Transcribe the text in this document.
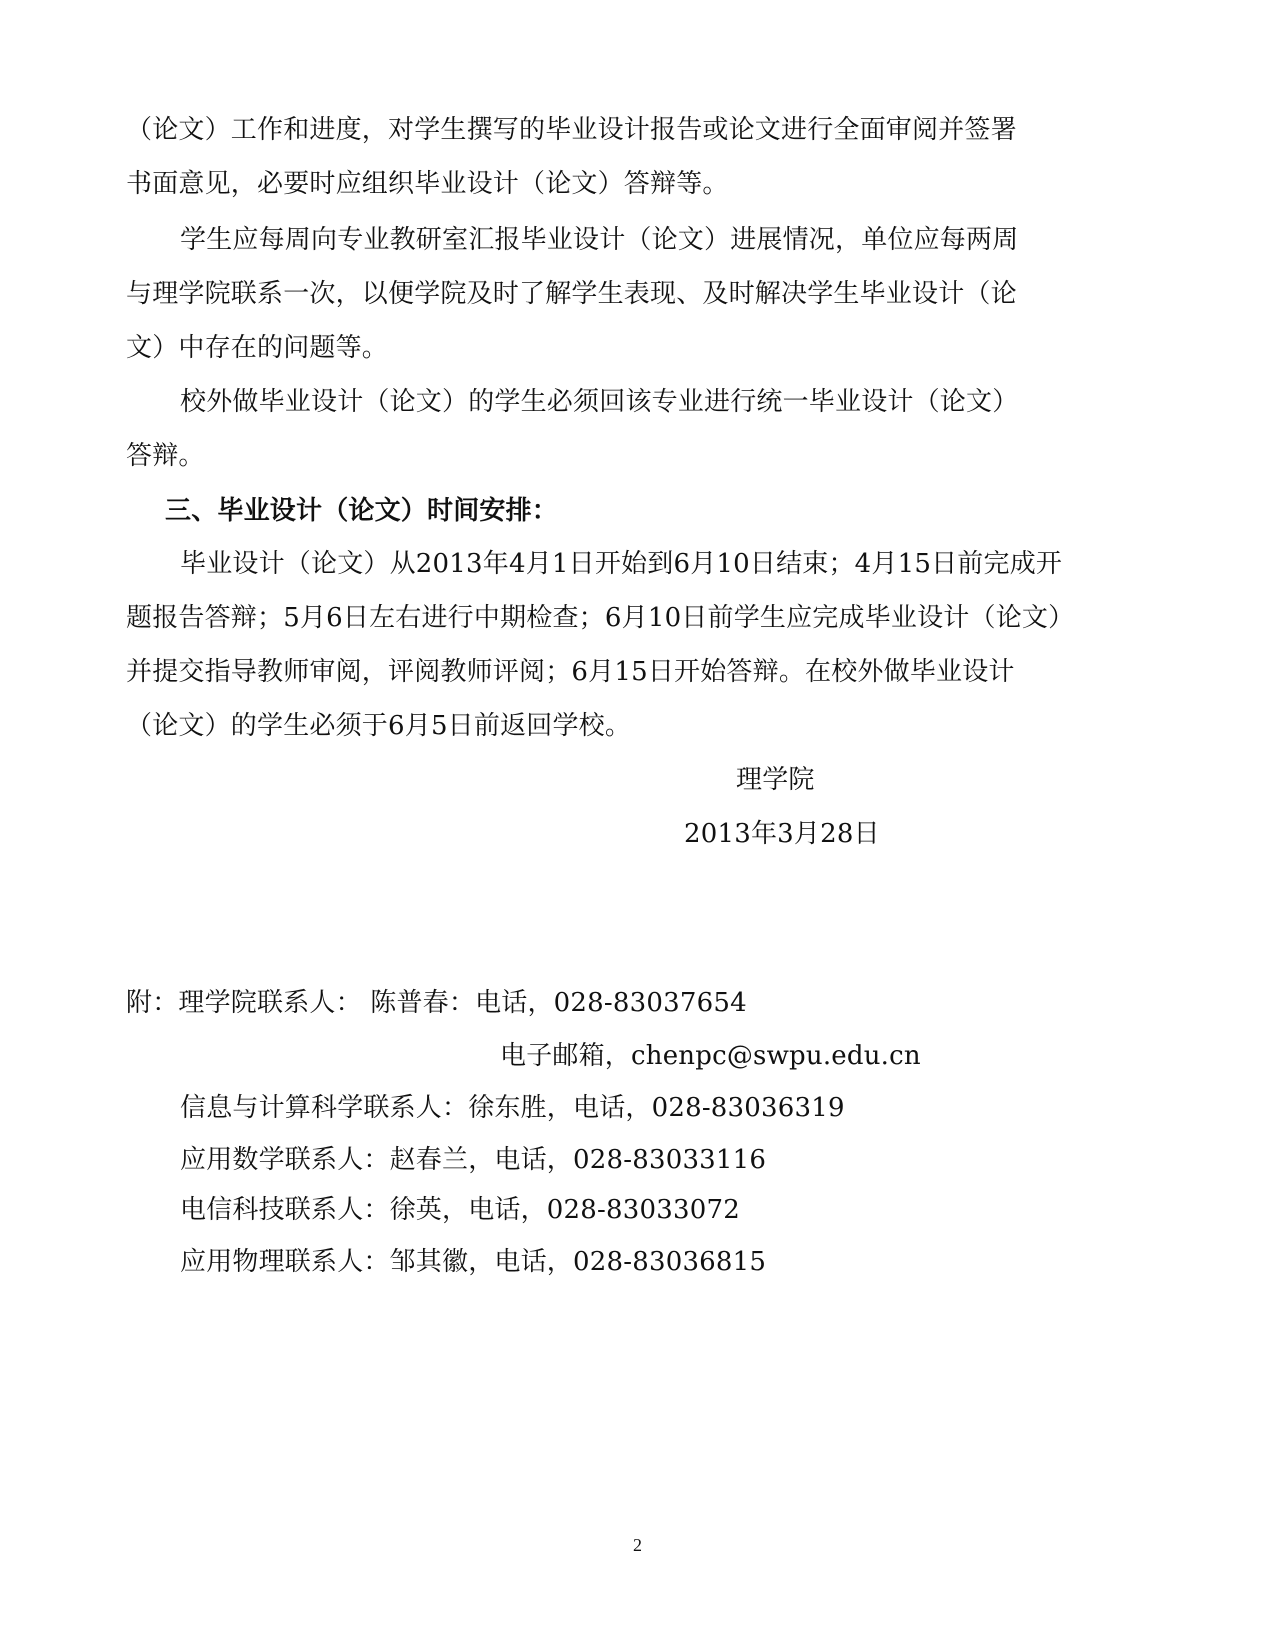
（论文）工作和进度，对学生撰写的毕业设计报告或论文进行全面审阅并签署
书面意见，必要时应组织毕业设计（论文）答辩等。
学生应每周向专业教研室汇报毕业设计（论文）进展情况，单位应每两周
与理学院联系一次，以便学院及时了解学生表现、及时解决学生毕业设计（论
文）中存在的问题等。
校外做毕业设计（论文）的学生必须回该专业进行统一毕业设计（论文）
答辩。
三、毕业设计（论文）时间安排：
毕业设计（论文）从2013年4月1日开始到6月10日结束；4月15日前完成开
题报告答辩；5月6日左右进行中期检查；6月10日前学生应完成毕业设计（论文）
并提交指导教师审阅，评阅教师评阅；6月15日开始答辩。在校外做毕业设计
（论文）的学生必须于6月5日前返回学校。
理学院
2013年3月28日
附：理学院联系人： 陈普春：电话，028-83037654
电子邮箱，chenpc@swpu.edu.cn
信息与计算科学联系人：徐东胜，电话，028-83036319
应用数学联系人：赵春兰，电话，028-83033116
电信科技联系人：徐英，电话，028-83033072
应用物理联系人：邹其徽，电话，028-83036815
2
